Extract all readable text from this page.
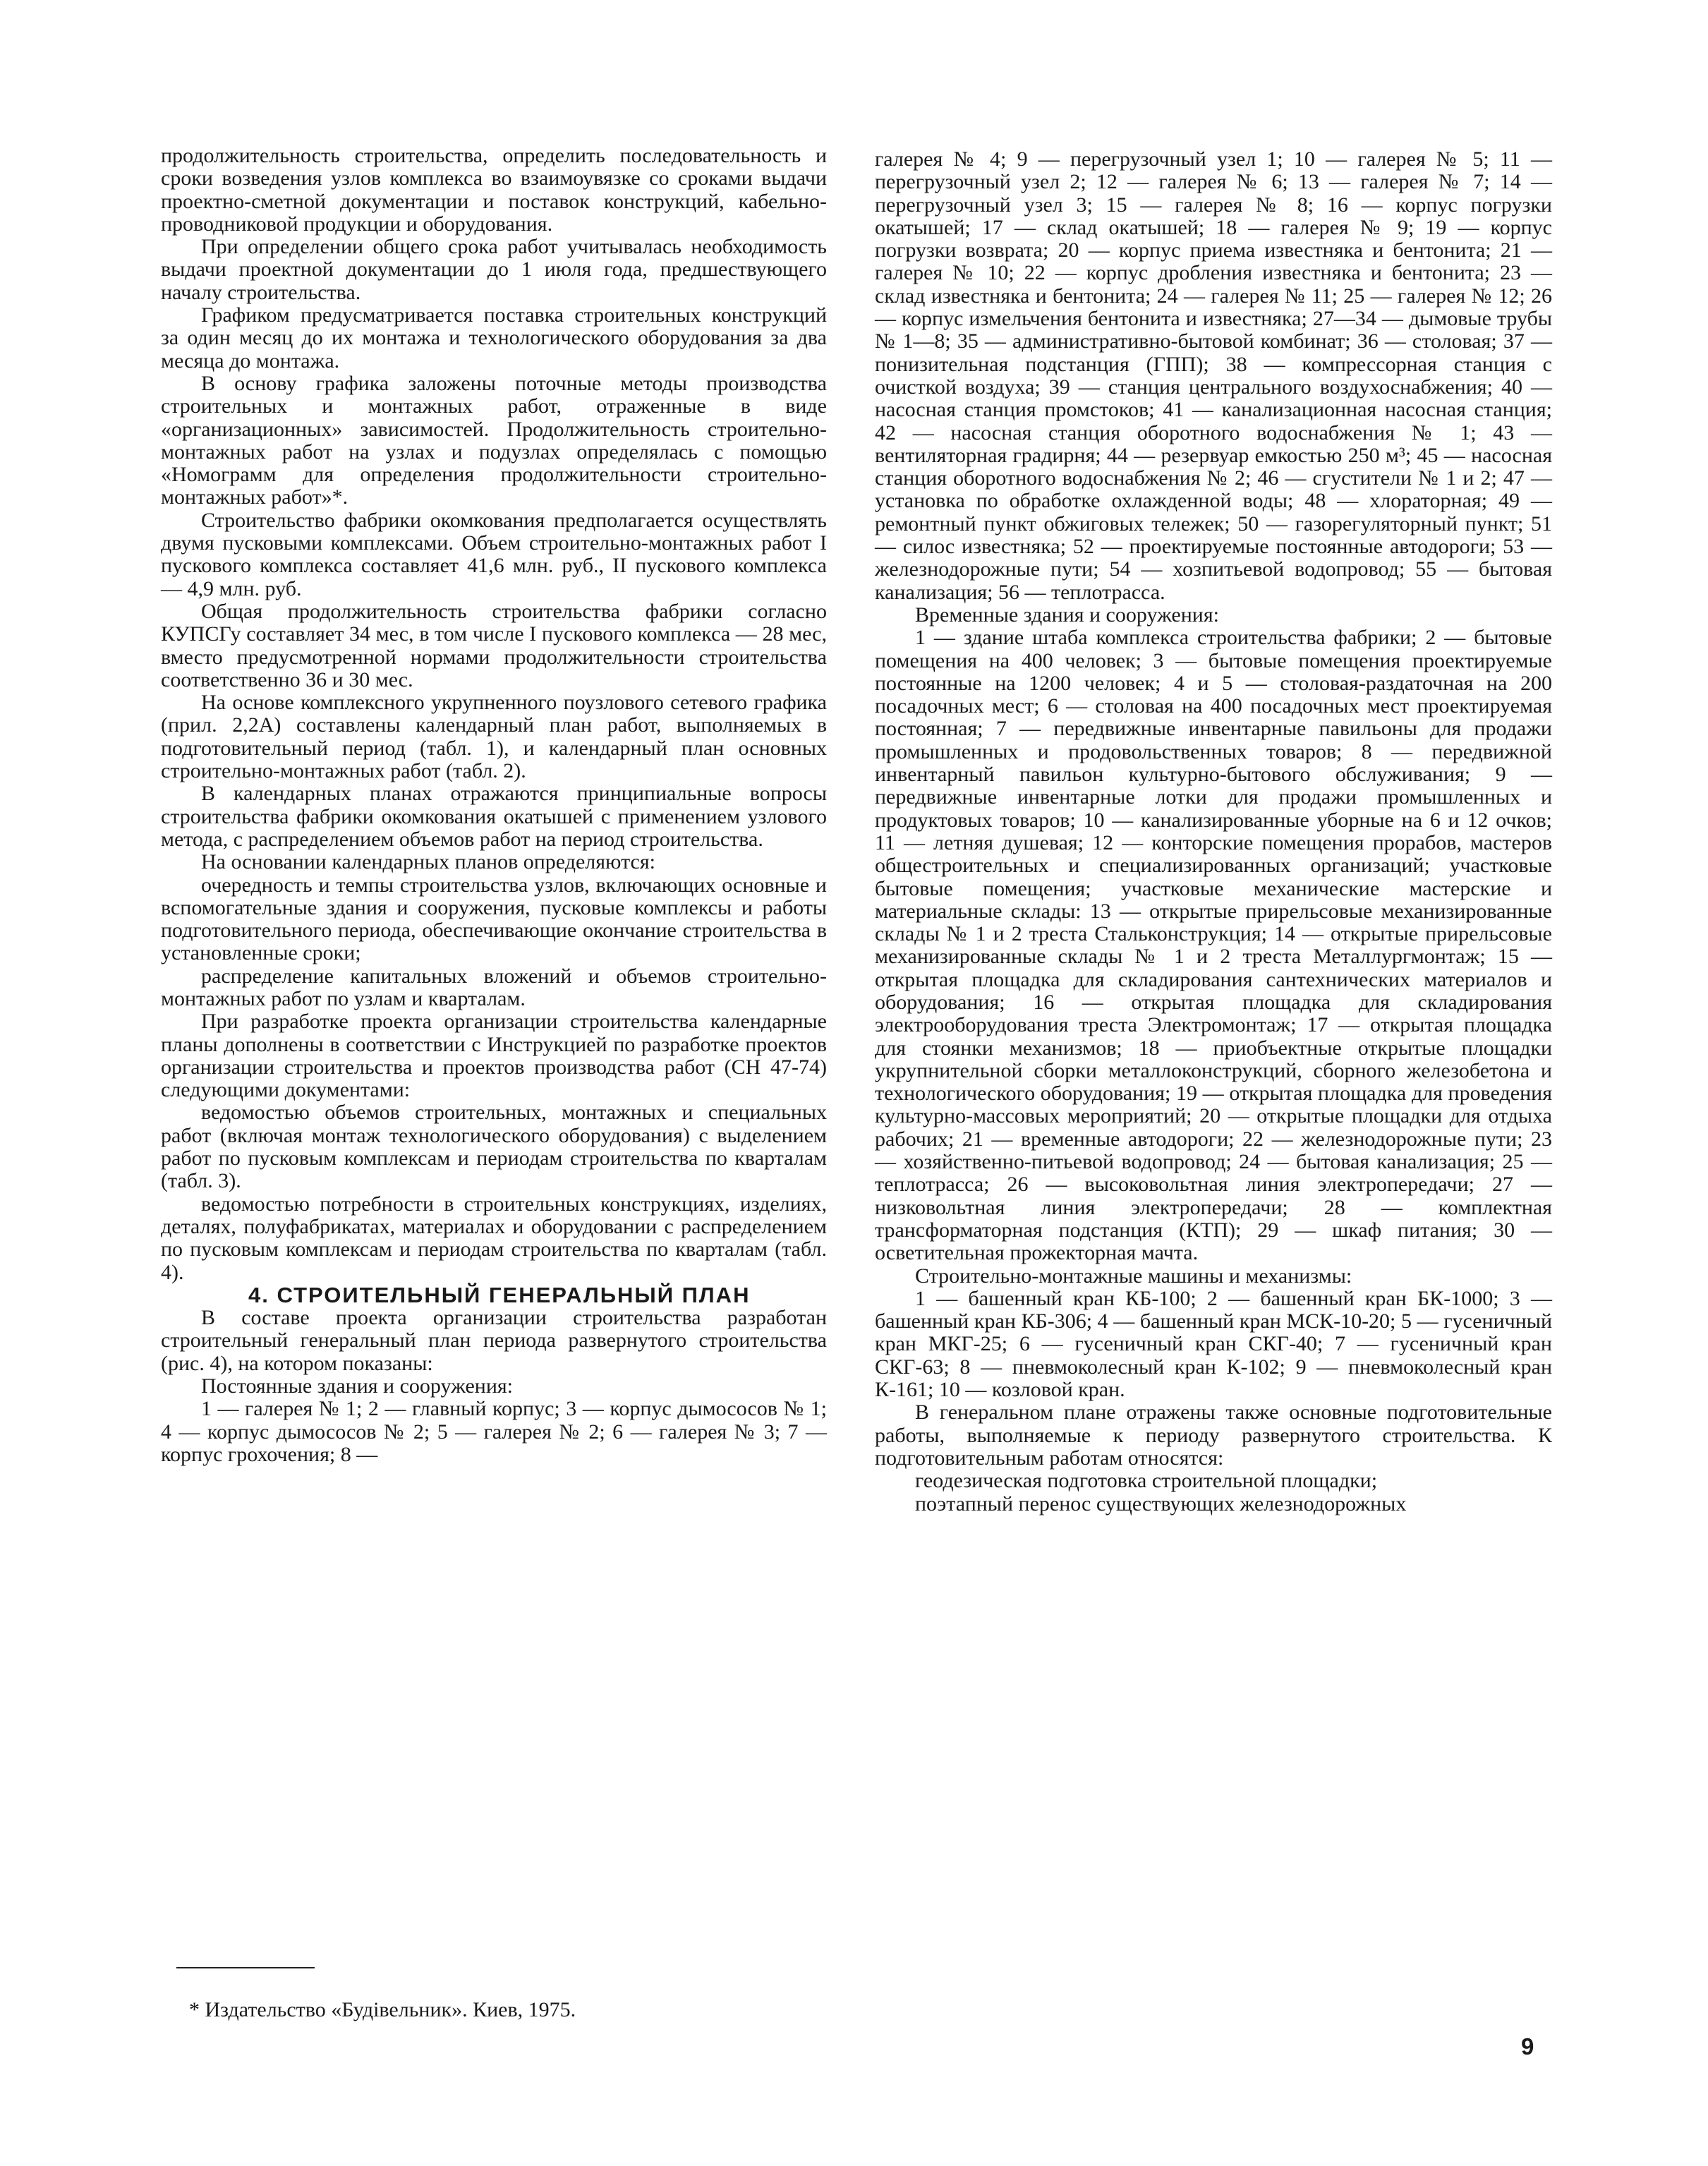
продолжительность строительства, определить последовательность и сроки возведения узлов комплекса во взаимоувязке со сроками выдачи проектно-сметной документации и поставок конструкций, кабельно-проводниковой продукции и оборудования.

При определении общего срока работ учитывалась необходимость выдачи проектной документации до 1 июля года, предшествующего началу строительства.

Графиком предусматривается поставка строительных конструкций за один месяц до их монтажа и технологического оборудования за два месяца до монтажа.

В основу графика заложены поточные методы производства строительных и монтажных работ, отраженные в виде «организационных» зависимостей. Продолжительность строительно-монтажных работ на узлах и подузлах определялась с помощью «Номограмм для определения продолжительности строительно-монтажных работ»*.

Строительство фабрики окомкования предполагается осуществлять двумя пусковыми комплексами. Объем строительно-монтажных работ I пускового комплекса составляет 41,6 млн. руб., II пускового комплекса — 4,9 млн. руб.

Общая продолжительность строительства фабрики согласно КУПСГу составляет 34 мес, в том числе I пускового комплекса — 28 мес, вместо предусмотренной нормами продолжительности строительства соответственно 36 и 30 мес.

На основе комплексного укрупненного поузлового сетевого графика (прил. 2,2А) составлены календарный план работ, выполняемых в подготовительный период (табл. 1), и календарный план основных строительно-монтажных работ (табл. 2).

В календарных планах отражаются принципиальные вопросы строительства фабрики окомкования окатышей с применением узлового метода, с распределением объемов работ на период строительства.

На основании календарных планов определяются:

очередность и темпы строительства узлов, включающих основные и вспомогательные здания и сооружения, пусковые комплексы и работы подготовительного периода, обеспечивающие окончание строительства в установленные сроки;

распределение капитальных вложений и объемов строительно-монтажных работ по узлам и кварталам.

При разработке проекта организации строительства календарные планы дополнены в соответствии с Инструкцией по разработке проектов организации строительства и проектов производства работ (СН 47-74) следующими документами:

ведомостью объемов строительных, монтажных и специальных работ (включая монтаж технологического оборудования) с выделением работ по пусковым комплексам и периодам строительства по кварталам (табл. 3).

ведомостью потребности в строительных конструкциях, изделиях, деталях, полуфабрикатах, материалах и оборудовании с распределением по пусковым комплексам и периодам строительства по кварталам (табл. 4).

4. СТРОИТЕЛЬНЫЙ ГЕНЕРАЛЬНЫЙ ПЛАН

В составе проекта организации строительства разработан строительный генеральный план периода развернутого строительства (рис. 4), на котором показаны:

Постоянные здания и сооружения:

1 — галерея № 1; 2 — главный корпус; 3 — корпус дымососов № 1; 4 — корпус дымососов № 2; 5 — галерея № 2; 6 — галерея № 3; 7 — корпус грохочения; 8 —

галерея № 4; 9 — перегрузочный узел 1; 10 — галерея № 5; 11 — перегрузочный узел 2; 12 — галерея № 6; 13 — галерея № 7; 14 — перегрузочный узел 3; 15 — галерея № 8; 16 — корпус погрузки окатышей; 17 — склад окатышей; 18 — галерея № 9; 19 — корпус погрузки возврата; 20 — корпус приема известняка и бентонита; 21 — галерея № 10; 22 — корпус дробления известняка и бентонита; 23 — склад известняка и бентонита; 24 — галерея № 11; 25 — галерея № 12; 26 — корпус измельчения бентонита и известняка; 27—34 — дымовые трубы № 1—8; 35 — административно-бытовой комбинат; 36 — столовая; 37 — понизительная подстанция (ГПП); 38 — компрессорная станция с очисткой воздуха; 39 — станция центрального воздухоснабжения; 40 — насосная станция промстоков; 41 — канализационная насосная станция; 42 — насосная станция оборотного водоснабжения № 1; 43 — вентиляторная градирня; 44 — резервуар емкостью 250 м³; 45 — насосная станция оборотного водоснабжения № 2; 46 — сгустители № 1 и 2; 47 — установка по обработке охлажденной воды; 48 — хлораторная; 49 — ремонтный пункт обжиговых тележек; 50 — газорегуляторный пункт; 51 — силос известняка; 52 — проектируемые постоянные автодороги; 53 — железнодорожные пути; 54 — хозпитьевой водопровод; 55 — бытовая канализация; 56 — теплотрасса.

Временные здания и сооружения:

1 — здание штаба комплекса строительства фабрики; 2 — бытовые помещения на 400 человек; 3 — бытовые помещения проектируемые постоянные на 1200 человек; 4 и 5 — столовая-раздаточная на 200 посадочных мест; 6 — столовая на 400 посадочных мест проектируемая постоянная; 7 — передвижные инвентарные павильоны для продажи промышленных и продовольственных товаров; 8 — передвижной инвентарный павильон культурно-бытового обслуживания; 9 — передвижные инвентарные лотки для продажи промышленных и продуктовых товаров; 10 — канализированные уборные на 6 и 12 очков; 11 — летняя душевая; 12 — конторские помещения прорабов, мастеров общестроительных и специализированных организаций; участковые бытовые помещения; участковые механические мастерские и материальные склады: 13 — открытые прирельсовые механизированные склады № 1 и 2 треста Стальконструкция; 14 — открытые прирельсовые механизированные склады № 1 и 2 треста Металлургмонтаж; 15 — открытая площадка для складирования сантехнических материалов и оборудования; 16 — открытая площадка для складирования электрооборудования треста Электромонтаж; 17 — открытая площадка для стоянки механизмов; 18 — приобъектные открытые площадки укрупнительной сборки металлоконструкций, сборного железобетона и технологического оборудования; 19 — открытая площадка для проведения культурно-массовых мероприятий; 20 — открытые площадки для отдыха рабочих; 21 — временные автодороги; 22 — железнодорожные пути; 23 — хозяйственно-питьевой водопровод; 24 — бытовая канализация; 25 — теплотрасса; 26 — высоковольтная линия электропередачи; 27 — низковольтная линия электропередачи; 28 — комплектная трансформаторная подстанция (КТП); 29 — шкаф питания; 30 — осветительная прожекторная мачта.

Строительно-монтажные машины и механизмы:

1 — башенный кран КБ-100; 2 — башенный кран БК-1000; 3 — башенный кран КБ-306; 4 — башенный кран МСК-10-20; 5 — гусеничный кран МКГ-25; 6 — гусеничный кран СКГ-40; 7 — гусеничный кран СКГ-63; 8 — пневмоколесный кран К-102; 9 — пневмоколесный кран К-161; 10 — козловой кран.

В генеральном плане отражены также основные подготовительные работы, выполняемые к периоду развернутого строительства. К подготовительным работам относятся:

геодезическая подготовка строительной площадки;

поэтапный перенос существующих железнодорожных

* Издательство «Будівельник». Киев, 1975.
9
